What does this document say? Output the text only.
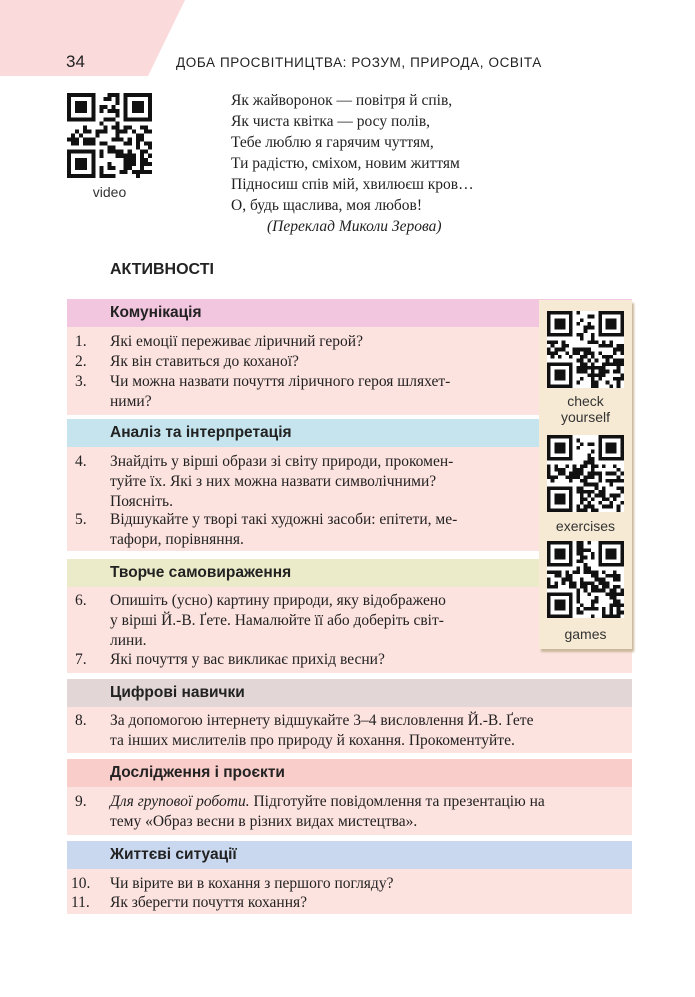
34	ДОБА ПРОСВІТНИЦТВА: РОЗУМ, ПРИРОДА, ОСВІТА
video
Як жайворонок — повітря й спів,
Як чиста квітка — росу полів,
Тебе люблю я гарячим чуттям,
Ти радістю, сміхом, новим життям
Підносиш спів мій, хвилюєш кров…
О, будь щаслива, моя любов!
(Переклад Миколи Зерова)
АКТИВНОСТІ
Комунікація
Аналіз та інтерпретація
Творче самовираження
Цифрові навички
Дослідження і проєкти
Життєві ситуації
1. Які емоції переживає ліричний герой?
2. Як він ставиться до коханої?
3. Чи можна назвати почуття ліричного героя шляхет-
ними?
4. Знайдіть у вірші образи зі світу природи, прокомен-
туйте їх. Які з них можна назвати символічними?
Поясніть.
5. Відшукайте у творі такі художні засоби: епітети, ме-
тафори, порівняння.
6. Опишіть (усно) картину природи, яку відображено
у вірші Й.-В. Ґете. Намалюйте її або доберіть світ-
лини.
7. Які почуття у вас викликає прихід весни?
8. За допомогою інтернету відшукайте 3–4 висловлення Й.-В. Ґете
та інших мислителів про природу й кохання. Прокоментуйте.
9. Для групової роботи. Підготуйте повідомлення та презентацію на
тему «Образ весни в різних видах мистецтва».
10. Чи вірите ви в кохання з першого погляду?
11. Як зберегти почуття кохання?
check
yourself
exercises
games
